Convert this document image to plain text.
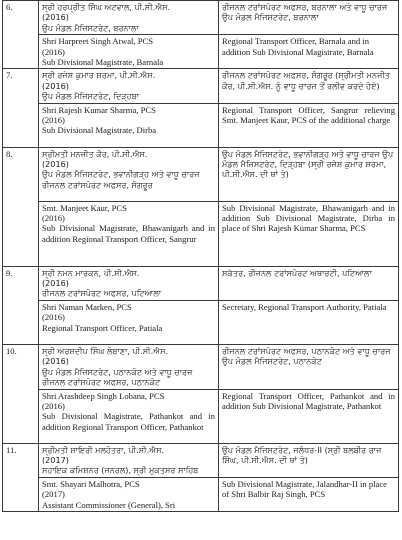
6.	ਸ੍ਰੀ ਹਰਪ੍ਰੀਤ ਸਿੰਘ ਅਟਵਾਲ, ਪੀ.ਸੀ.ਐਸ.
(2016)
ਉਪ ਮੰਡਲ ਮੈਜਿਸਟਰੇਟ, ਬਰਨਾਲਾ	ਰੀਜਨਲ ਟਰਾਂਸਪੋਰਟ ਅਫਸਰ, ਬਰਨਾਲਾ ਅਤੇ ਵਾਧੂ ਚਾਰਜ ਉਪ ਮੰਡਲ ਮੈਜਿਸਟਰੇਟ, ਬਰਨਾਲਾ

	Shri Harpreet Singh Atwal, PCS
(2016)
Sub Divisional Magistrate, Barnala	Regional Transport Officer, Barnala and in addition Sub Divisional Magistrate, Barnala
7.	ਸ੍ਰੀ ਰਜੇਸ਼ ਕੁਮਾਰ ਸ਼ਰਮਾ, ਪੀ.ਸੀ.ਐਸ.
(2016)
ਉਪ ਮੰਡਲ ਮੈਜਿਸਟਰੇਟ, ਦਿੜ੍ਹਬਾ	ਰੀਜਨਲ ਟਰਾਂਸਪੋਰਟ ਅਫਸਰ, ਸੰਗਰੂਰ (ਸ੍ਰੀਮਤੀ ਮਨਜੀਤ ਕੌਰ, ਪੀ.ਸੀ.ਐਸ. ਨੂੰ ਵਾਧੂ ਚਾਰਜ ਤੋਂ ਰਲੀਵ ਕਰਦੇ ਹੋਏ)

	Shri Rajesh Kumar Sharma, PCS
(2016)
Sub Divisional Magistrate, Dirba	Regional Transport Officer, Sangrur relieving Smt. Manjeet Kaur, PCS of the additional charge
8.	ਸ੍ਰੀਮਤੀ ਮਨਜੀਤ ਕੌਰ, ਪੀ.ਸੀ.ਐਸ.
(2016)
ਉਪ ਮੰਡਲ ਮੈਜਿਸਟਰੇਟ, ਭਵਾਨੀਗੜ੍ਹ ਅਤੇ ਵਾਧੂ ਚਾਰਜ
ਰੀਜਨਲ ਟਰਾਂਸਪੋਰਟ ਅਫਸਰ, ਸੰਗਰੂਰ	ਉਪ ਮੰਡਲ ਮੈਜਿਸਟਰੇਟ, ਭਵਾਨੀਗੜ੍ਹ ਅਤੇ ਵਾਧੂ ਚਾਰਜ ਉਪ ਮੰਡਲ ਮੈਜਿਸਟਰੇਟ, ਦਿੜ੍ਹਬਾ (ਸ੍ਰੀ ਰਜੇਸ਼ ਕੁਮਾਰ ਸ਼ਰਮਾ, ਪੀ.ਸੀ.ਐਸ. ਦੀ ਥਾਂ ਤੇ)

	Smt. Manjeet Kaur, PCS
(2016)
Sub Divisional Magistrate, Bhawanigarh and in addition Regional Transport Officer, Sangrur	Sub Divisional Magistrate, Bhawanigarh and in addition Sub Divisional Magistrate, Dirba in place of Shri Rajesh Kumar Sharma, PCS
9.	ਸ੍ਰੀ ਨਮਨ ਮਾਰਕਨ, ਪੀ.ਸੀ.ਐਸ.
(2016)
ਰੀਜਨਲ ਟਰਾਂਸਪੋਰਟ ਅਫਸਰ, ਪਟਿਆਲਾ	ਸਕੱਤਰ, ਰੀਜਨਲ ਟਰਾਂਸਪੋਰਟ ਅਥਾਰਟੀ, ਪਟਿਆਲਾ

	Shri Naman Marken, PCS
(2016)
Regional Transport Officer, Patiala	Secretary, Regional Transport Authority, Patiala
10.	ਸ੍ਰੀ ਅਰਸ਼ਦੀਪ ਸਿੰਘ ਲੋਬਾਣਾ, ਪੀ.ਸੀ.ਐਸ.
(2016)
ਉਪ ਮੰਡਲ ਮੈਜਿਸਟਰੇਟ, ਪਠਾਨਕੋਟ ਅਤੇ ਵਾਧੂ ਚਾਰਜ
ਰੀਜਨਲ ਟਰਾਂਸਪੋਰਟ ਅਫਸਰ, ਪਠਾਨਕੋਟ	ਰੀਜਨਲ ਟਰਾਂਸਪੋਰਟ ਅਫਸਰ, ਪਠਾਨਕੋਟ ਅਤੇ ਵਾਧੂ ਚਾਰਜ ਉਪ ਮੰਡਲ ਮੈਜਿਸਟਰੇਟ, ਪਠਾਨਕੋਟ

	Shri Arashdeep Singh Lobana, PCS
(2016)
Sub Divisional Magistrate, Pathankot and in addition Regional Transport Officer, Pathankot	Regional Transport Officer, Pathankot and in addition Sub Divisional Magistrate, Pathankot
11.	ਸ੍ਰੀਮਤੀ ਸ਼ਾਇਰੀ ਮਲਹੋਤਰਾ, ਪੀ.ਸੀ.ਐਸ.
(2017)
ਸਹਾਇਕ ਕਮਿਸ਼ਨਰ (ਜਨਰਲ), ਸ੍ਰੀ ਮੁਕਤਸਰ ਸਾਹਿਬ	ਉਪ ਮੰਡਲ ਮੈਜਿਸਟਰੇਟ, ਜਲੰਧਰ-II (ਸ੍ਰੀ ਬਲਬੀਰ ਰਾਜ ਸਿੰਘ, ਪੀ.ਸੀ.ਐਸ. ਦੀ ਥਾਂ ਤੇ)

	Smt. Shayari Malhotra, PCS
(2017)
Assistant Commissioner (General), Sri	Sub Divisional Magistrate, Jalandhar-II in place of Shri Balbir Raj Singh, PCS
